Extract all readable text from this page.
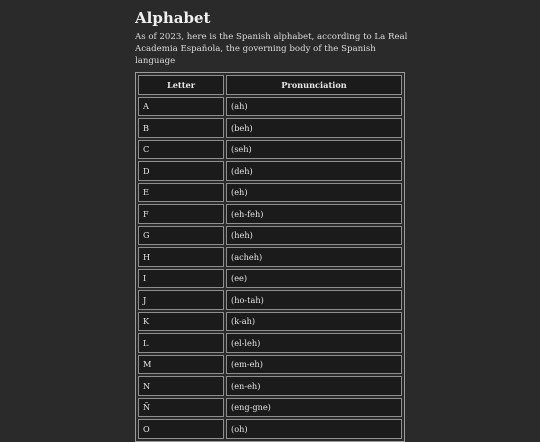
Alphabet

As of 2023, here is the Spanish alphabet, according to La Real Academia Española, the governing body of the Spanish language

Letter	Pronunciation
A	(ah)
B	(beh)
C	(seh)
D	(deh)
E	(eh)
F	(eh-feh)
G	(heh)
H	(acheh)
I	(ee)
J	(ho-tah)
K	(k-ah)
L	(el-leh)
M	(em-eh)
N	(en-eh)
Ñ	(eng-gne)
O	(oh)
